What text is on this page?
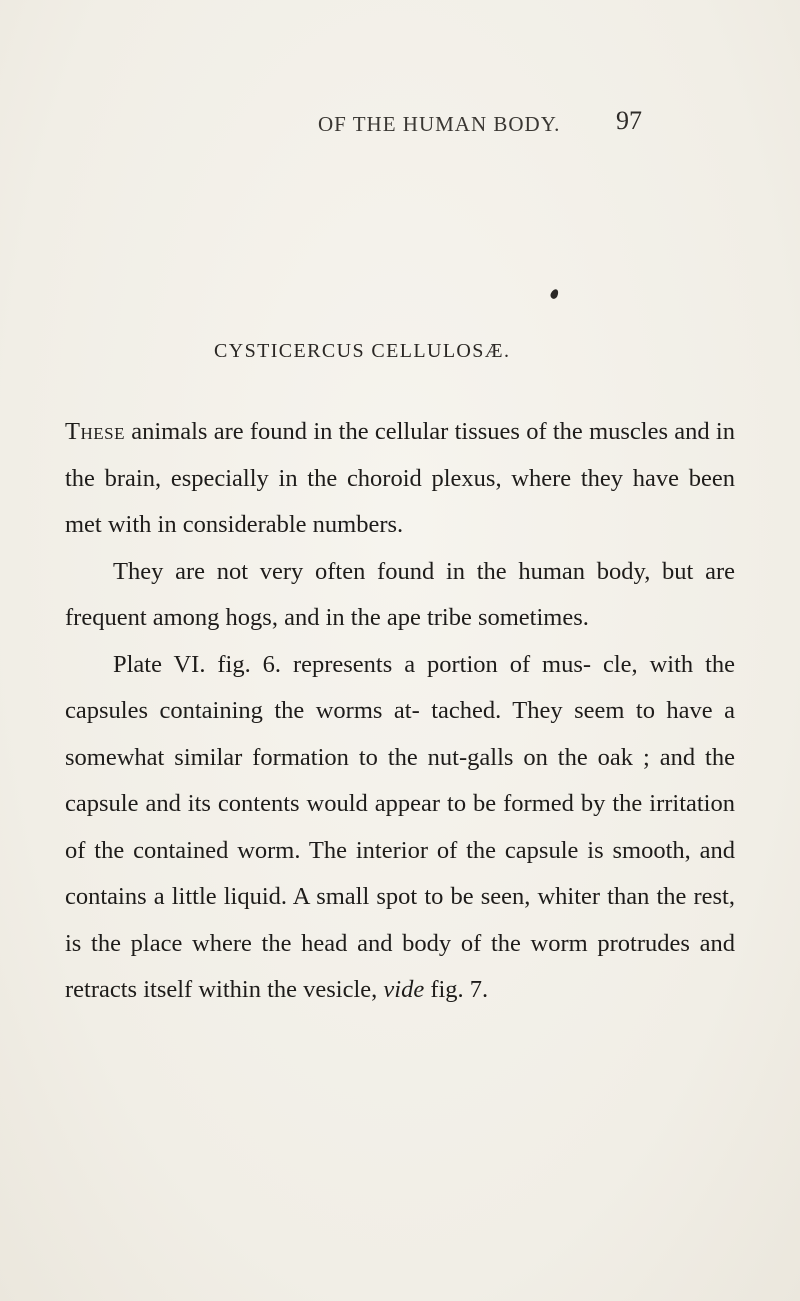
OF THE HUMAN BODY. 97
CYSTICERCUS CELLULOSÆ.

These animals are found in the cellular tissues of the muscles and in the brain, especially in the choroid plexus, where they have been met with in considerable numbers.

They are not very often found in the human body, but are frequent among hogs, and in the ape tribe sometimes.

Plate VI. fig. 6. represents a portion of mus- cle, with the capsules containing the worms at- tached. They seem to have a somewhat similar formation to the nut-galls on the oak ; and the capsule and its contents would appear to be formed by the irritation of the contained worm. The interior of the capsule is smooth, and contains a little liquid. A small spot to be seen, whiter than the rest, is the place where the head and body of the worm protrudes and retracts itself within the vesicle, vide fig. 7.
